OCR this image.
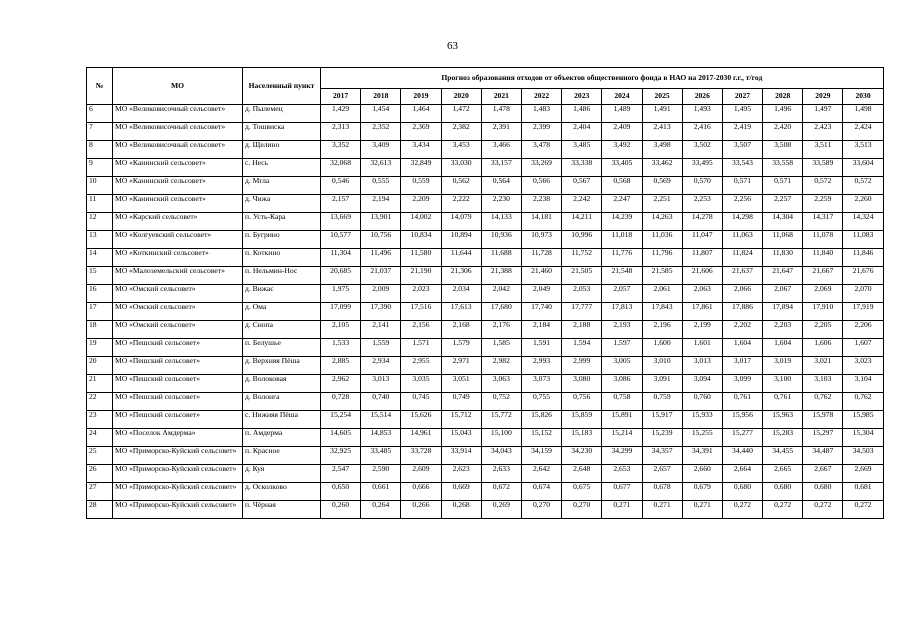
63
№	МО	Населенный пункт	Прогноз образования отходов от объектов общественного фонда в НАО на 2017-2030 г.г., т/год													
			2017	2018	2019	2020	2021	2022	2023	2024	2025	2026	2027	2028	2029	2030
6	МО «Великовисочный сельсовет»	д. Пылемец	1,429	1,454	1,464	1,472	1,478	1,483	1,486	1,489	1,491	1,493	1,495	1,496	1,497	1,498
7	МО «Великовисочный сельсовет»	д. Тошвиска	2,313	2,352	2,369	2,382	2,391	2,399	2,404	2,409	2,413	2,416	2,419	2,420	2,423	2,424
8	МО «Великовисочный сельсовет»	д. Щелино	3,352	3,409	3,434	3,453	3,466	3,478	3,485	3,492	3,498	3,502	3,507	3,508	3,511	3,513
9	МО «Канинский сельсовет»	с. Несь	32,068	32,613	32,849	33,030	33,157	33,269	33,338	33,405	33,462	33,495	33,543	33,558	33,589	33,604
10	МО «Канинский сельсовет»	д. Мгла	0,546	0,555	0,559	0,562	0,564	0,566	0,567	0,568	0,569	0,570	0,571	0,571	0,572	0,572
11	МО «Канинский сельсовет»	д. Чижа	2,157	2,194	2,209	2,222	2,230	2,238	2,242	2,247	2,251	2,253	2,256	2,257	2,259	2,260
12	МО «Карский сельсовет»	п. Усть-Кара	13,669	13,901	14,002	14,079	14,133	14,181	14,211	14,239	14,263	14,278	14,298	14,304	14,317	14,324
13	МО «Колгуевский сельсовет»	п. Бугрино	10,577	10,756	10,834	10,894	10,936	10,973	10,996	11,018	11,036	11,047	11,063	11,068	11,078	11,083
14	МО «Коткинский сельсовет»	п. Коткино	11,304	11,496	11,580	11,644	11,688	11,728	11,752	11,776	11,796	11,807	11,824	11,830	11,840	11,846
15	МО «Малоземельский сельсовет»	п. Нельмин-Нос	20,685	21,037	21,190	21,306	21,388	21,460	21,505	21,548	21,585	21,606	21,637	21,647	21,667	21,676
16	МО «Омский сельсовет»	д. Вижас	1,975	2,009	2,023	2,034	2,042	2,049	2,053	2,057	2,061	2,063	2,066	2,067	2,069	2,070
17	МО «Омский сельсовет»	д. Ома	17,099	17,390	17,516	17,613	17,680	17,740	17,777	17,813	17,843	17,861	17,886	17,894	17,910	17,919
18	МО «Омский сельсовет»	д. Снопа	2,105	2,141	2,156	2,168	2,176	2,184	2,188	2,193	2,196	2,199	2,202	2,203	2,205	2,206
19	МО «Пешский сельсовет»	п. Белушье	1,533	1,559	1,571	1,579	1,585	1,591	1,594	1,597	1,600	1,601	1,604	1,604	1,606	1,607
20	МО «Пешский сельсовет»	д. Верхняя Пёша	2,885	2,934	2,955	2,971	2,982	2,993	2,999	3,005	3,010	3,013	3,017	3,019	3,021	3,023
21	МО «Пешский сельсовет»	д. Волоковая	2,962	3,013	3,035	3,051	3,063	3,073	3,080	3,086	3,091	3,094	3,099	3,100	3,103	3,104
22	МО «Пешский сельсовет»	д. Волонга	0,728	0,740	0,745	0,749	0,752	0,755	0,756	0,758	0,759	0,760	0,761	0,761	0,762	0,762
23	МО «Пешский сельсовет»	с. Нижняя Пёша	15,254	15,514	15,626	15,712	15,772	15,826	15,859	15,891	15,917	15,933	15,956	15,963	15,978	15,985
24	МО «Поселок Амдерма»	п. Амдерма	14,605	14,853	14,961	15,043	15,100	15,152	15,183	15,214	15,239	15,255	15,277	15,283	15,297	15,304
25	МО «Приморско-Куйский сельсовет»	п. Красное	32,925	33,485	33,728	33,914	34,043	34,159	34,230	34,299	34,357	34,391	34,440	34,455	34,487	34,503
26	МО «Приморско-Куйский сельсовет»	д. Куя	2,547	2,590	2,609	2,623	2,633	2,642	2,648	2,653	2,657	2,660	2,664	2,665	2,667	2,669
27	МО «Приморско-Куйский сельсовет»	д. Осколково	0,650	0,661	0,666	0,669	0,672	0,674	0,675	0,677	0,678	0,679	0,680	0,680	0,680	0,681
28	МО «Приморско-Куйский сельсовет»	п. Чёрная	0,260	0,264	0,266	0,268	0,269	0,270	0,270	0,271	0,271	0,271	0,272	0,272	0,272	0,272
